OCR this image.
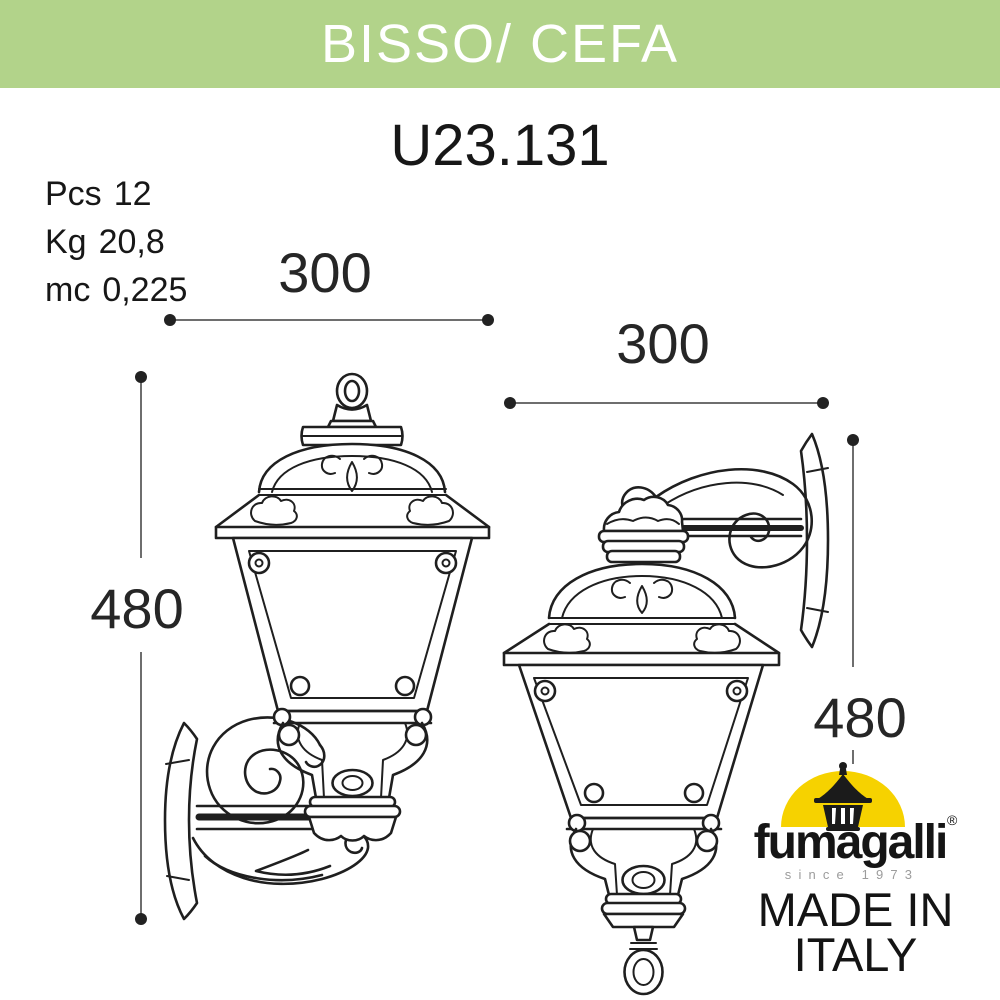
BISSO/ CEFA
U23.131
Pcs 12
Kg 20,8
mc 0,225	300
480
300
480
fumagalli ®
since 1973
MADE IN
ITALY
